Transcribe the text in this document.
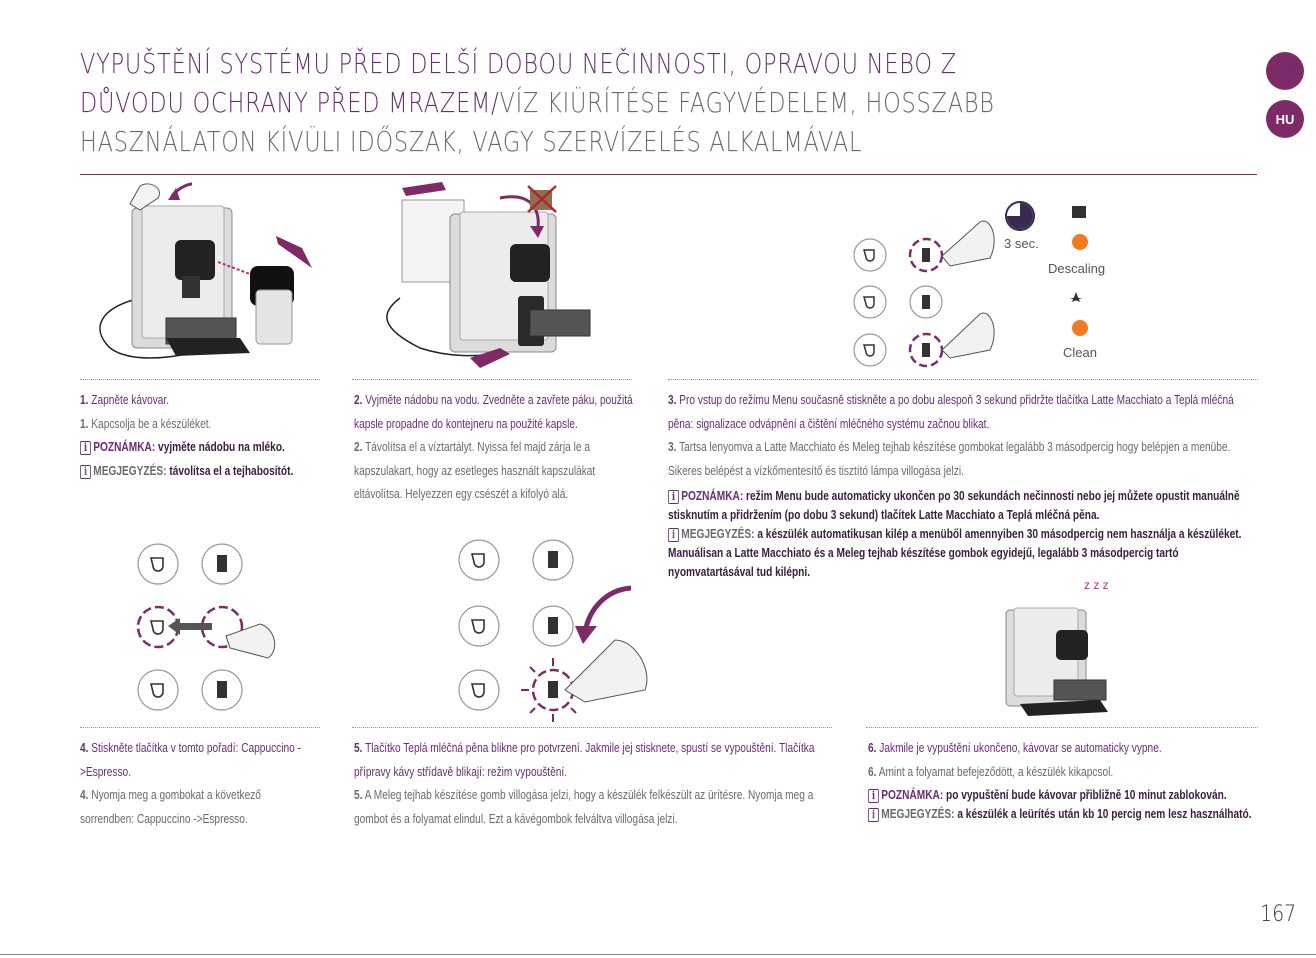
VYPUŠTĚNÍ SYSTÉMU PŘED DELŠÍ DOBOU NEČINNOSTI, OPRAVOU NEBO Z DŮVODU OCHRANY PŘED MRAZEM/VÍZ KIÜRÍTÉSE FAGYVÉDELEM, HOSSZABB HASZNÁLATON KÍVÜLI IDŐSZAK, VAGY SZERVÍZELÉS ALKALMÁVAL
CZ
HU
3 sec.
Descaling
Clean

1. Zapněte kávovar.

1. Kapcsolja be a készüléket.

i POZNÁMKA: vyjměte nádobu na mléko.

i MEGJEGYZÉS: távolítsa el a tejhabosítót.

2. Vyjměte nádobu na vodu. Zvedněte a zavřete páku, použitá kapsle propadne do kontejneru na použité kapsle.

2. Távolítsa el a víztartályt. Nyissa fel majd zárja le a kapszulakart, hogy az esetleges használt kapszulákat eltávolítsa. Helyezzen egy csészét a kifolyó alá.

3. Pro vstup do režimu Menu současně stiskněte a po dobu alespoň 3 sekund přidržte tlačítka Latte Macchiato a Teplá mléčná pěna: signalizace odvápnění a čištění mléčného systému začnou blikat.

3. Tartsa lenyomva a Latte Macchiato és Meleg tejhab készítése gombokat legalább 3 másodpercig hogy belépjen a menübe. Sikeres belépést a vízkőmentesítő és tisztító lámpa villogása jelzi.

i POZNÁMKA: režim Menu bude automaticky ukončen po 30 sekundách nečinnosti nebo jej můžete opustit manuálně stisknutím a přidržením (po dobu 3 sekund) tlačítek Latte Macchiato a Teplá mléčná pěna.

i MEGJEGYZÉS: a készülék automatikusan kilép a menüből amennyiben 30 másodpercig nem használja a készüléket. Manuálisan a Latte Macchiato és a Meleg tejhab készítése gombok egyidejű, legalább 3 másodpercig tartó nyomvatartásával tud kilépni.

z z z

4. Stiskněte tlačítka v tomto pořadí: Cappuccino ->Espresso.

4. Nyomja meg a gombokat a következő sorrendben: Cappuccino ->Espresso.

5. Tlačítko Teplá mléčná pěna blikne pro potvrzení. Jakmile jej stisknete, spustí se vypouštění. Tlačítka přípravy kávy střídavě blikají: režim vypouštění.

5. A Meleg tejhab készítése gomb villogása jelzi, hogy a készülék felkészült az ürítésre. Nyomja meg a gombot és a folyamat elindul. Ezt a kávégombok felváltva villogása jelzi.

6. Jakmile je vypuštění ukončeno, kávovar se automaticky vypne.

6. Amint a folyamat befejeződött, a készülék kikapcsol.

i POZNÁMKA: po vypuštění bude kávovar přibližně 10 minut zablokován.

i MEGJEGYZÉS: a készülék a leürítés után kb 10 percig nem lesz használható.

167
